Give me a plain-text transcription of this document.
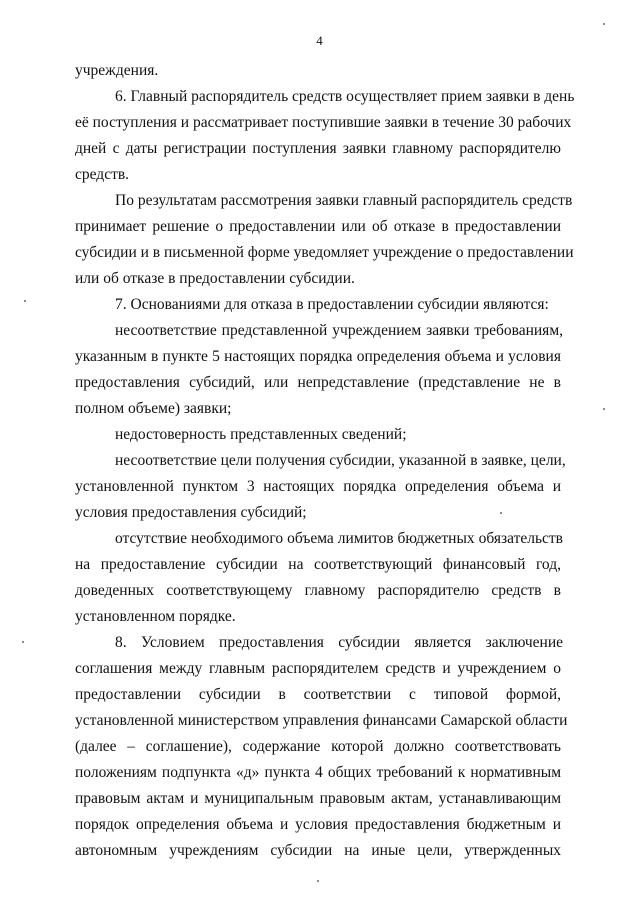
4
учреждения.
6. Главный распорядитель средств осуществляет прием заявки в день
её поступления и рассматривает поступившие заявки в течение 30 рабочих
дней с даты регистрации поступления заявки главному распорядителю
средств.
По результатам рассмотрения заявки главный распорядитель средств
принимает решение о предоставлении или об отказе в предоставлении
субсидии и в письменной форме уведомляет учреждение о предоставлении
или об отказе в предоставлении субсидии.
7. Основаниями для отказа в предоставлении субсидии являются:
несоответствие представленной учреждением заявки требованиям,
указанным в пункте 5 настоящих порядка определения объема и условия
предоставления субсидий, или непредставление (представление не в
полном объеме) заявки;
недостоверность представленных сведений;
несоответствие цели получения субсидии, указанной в заявке, цели,
установленной пунктом 3 настоящих порядка определения объема и
условия предоставления субсидий;
отсутствие необходимого объема лимитов бюджетных обязательств
на предоставление субсидии на соответствующий финансовый год,
доведенных соответствующему главному распорядителю средств в
установленном порядке.
8. Условием предоставления субсидии является заключение
соглашения между главным распорядителем средств и учреждением о
предоставлении субсидии в соответствии с типовой формой,
установленной министерством управления финансами Самарской области
(далее – соглашение), содержание которой должно соответствовать
положениям подпункта «д» пункта 4 общих требований к нормативным
правовым актам и муниципальным правовым актам, устанавливающим
порядок определения объема и условия предоставления бюджетным и
автономным учреждениям субсидии на иные цели, утвержденных
